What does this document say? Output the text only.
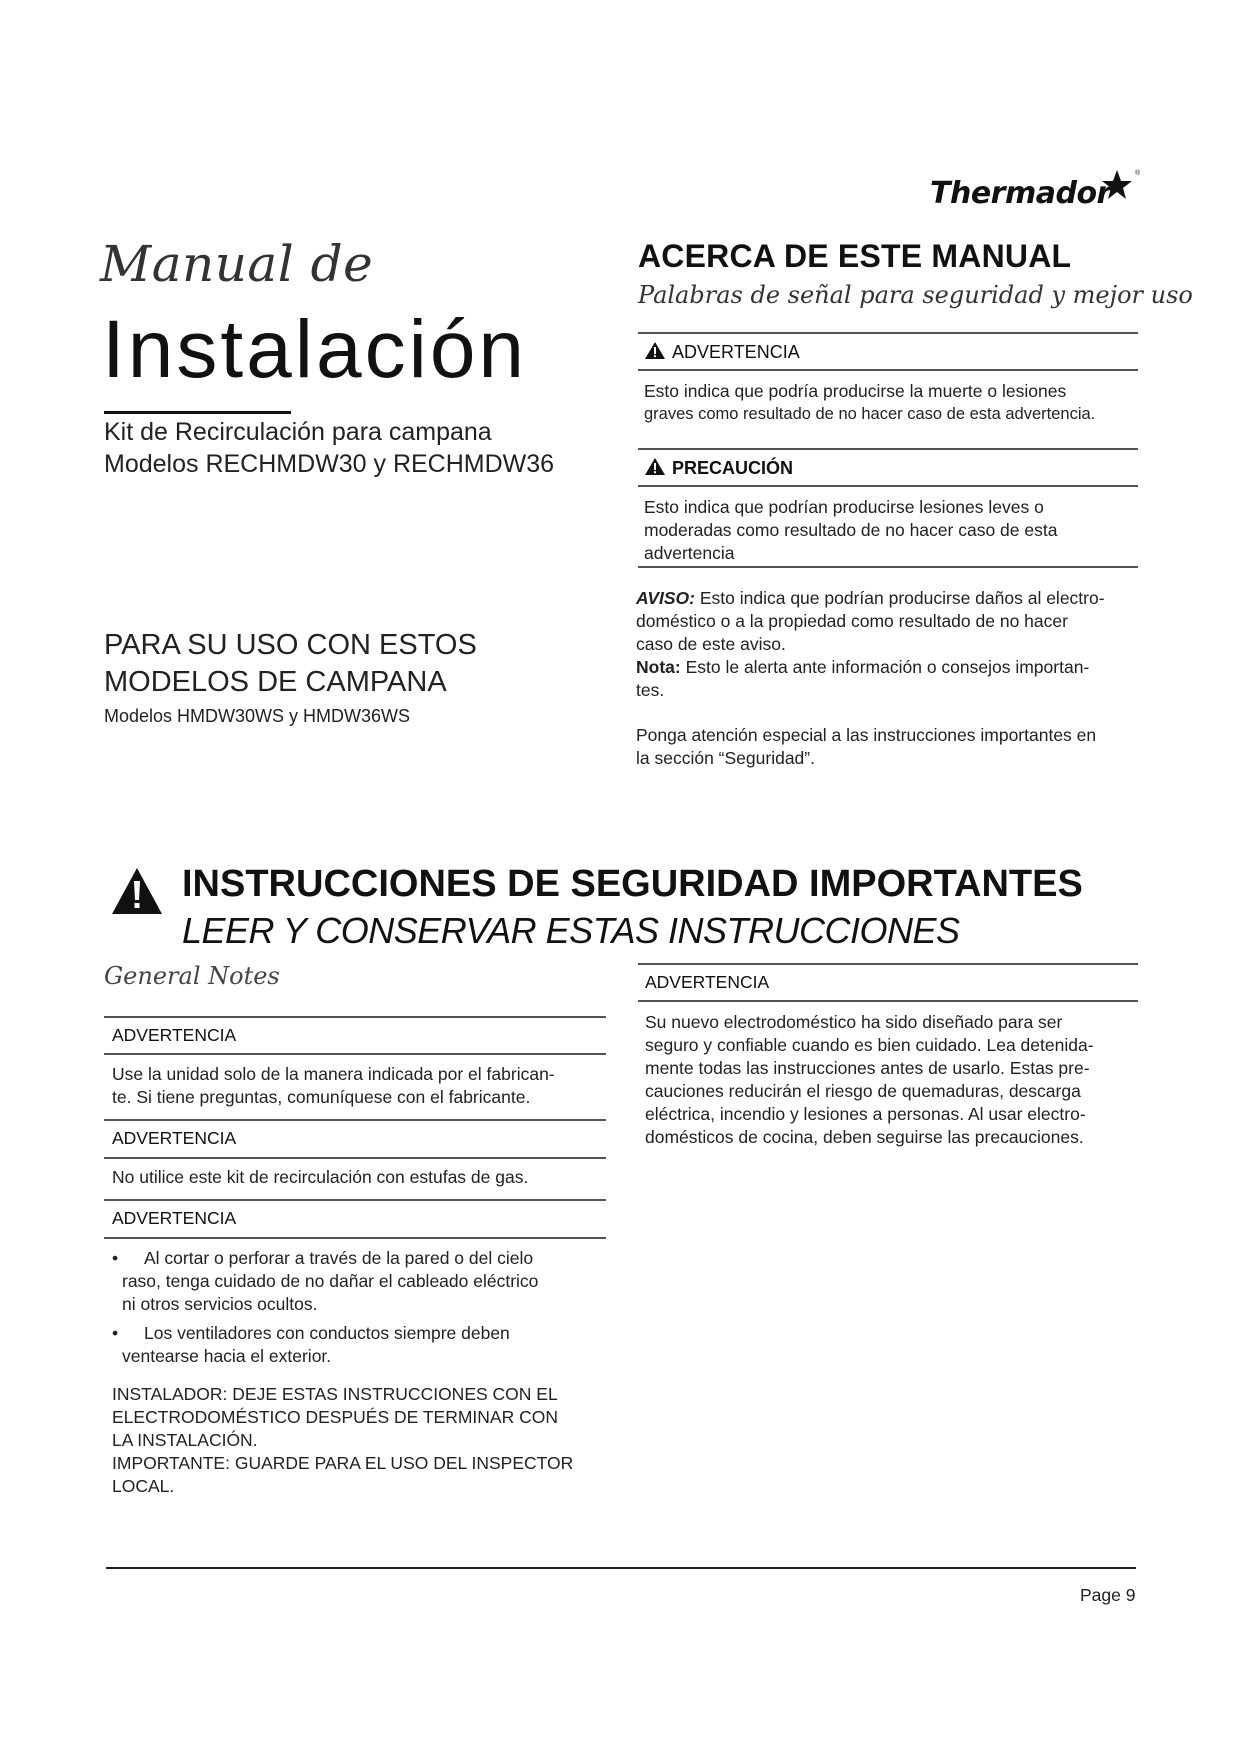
Thermador
®
Manual de
Instalación
Kit de Recirculación para campana
Modelos RECHMDW30 y RECHMDW36
PARA SU USO CON ESTOS
MODELOS DE CAMPANA
Modelos HMDW30WS y HMDW36WS
ACERCA DE ESTE MANUAL
Palabras de señal para seguridad y mejor uso
ADVERTENCIA
Esto indica que podría producirse la muerte o lesiones
graves como resultado de no hacer caso de esta advertencia.
PRECAUCIÓN
Esto indica que podrían producirse lesiones leves o
moderadas como resultado de no hacer caso de esta
advertencia
AVISO: Esto indica que podrían producirse daños al electro-
doméstico o a la propiedad como resultado de no hacer
caso de este aviso.
Nota: Esto le alerta ante información o consejos importan-
tes.
Ponga atención especial a las instrucciones importantes en
la sección “Seguridad”.
INSTRUCCIONES DE SEGURIDAD IMPORTANTES
LEER Y CONSERVAR ESTAS INSTRUCCIONES
General Notes
ADVERTENCIA
Use la unidad solo de la manera indicada por el fabrican-
te. Si tiene preguntas, comuníquese con el fabricante.
ADVERTENCIA
No utilice este kit de recirculación con estufas de gas.
ADVERTENCIA
• Al cortar o perforar a través de la pared o del cielo
raso, tenga cuidado de no dañar el cableado eléctrico
ni otros servicios ocultos.
• Los ventiladores con conductos siempre deben
ventearse hacia el exterior.
INSTALADOR: DEJE ESTAS INSTRUCCIONES CON EL
ELECTRODOMÉSTICO DESPUÉS DE TERMINAR CON
LA INSTALACIÓN.
IMPORTANTE: GUARDE PARA EL USO DEL INSPECTOR
LOCAL.
ADVERTENCIA
Su nuevo electrodoméstico ha sido diseñado para ser
seguro y confiable cuando es bien cuidado. Lea detenida-
mente todas las instrucciones antes de usarlo. Estas pre-
cauciones reducirán el riesgo de quemaduras, descarga
eléctrica, incendio y lesiones a personas. Al usar electro-
domésticos de cocina, deben seguirse las precauciones.
Page 9
